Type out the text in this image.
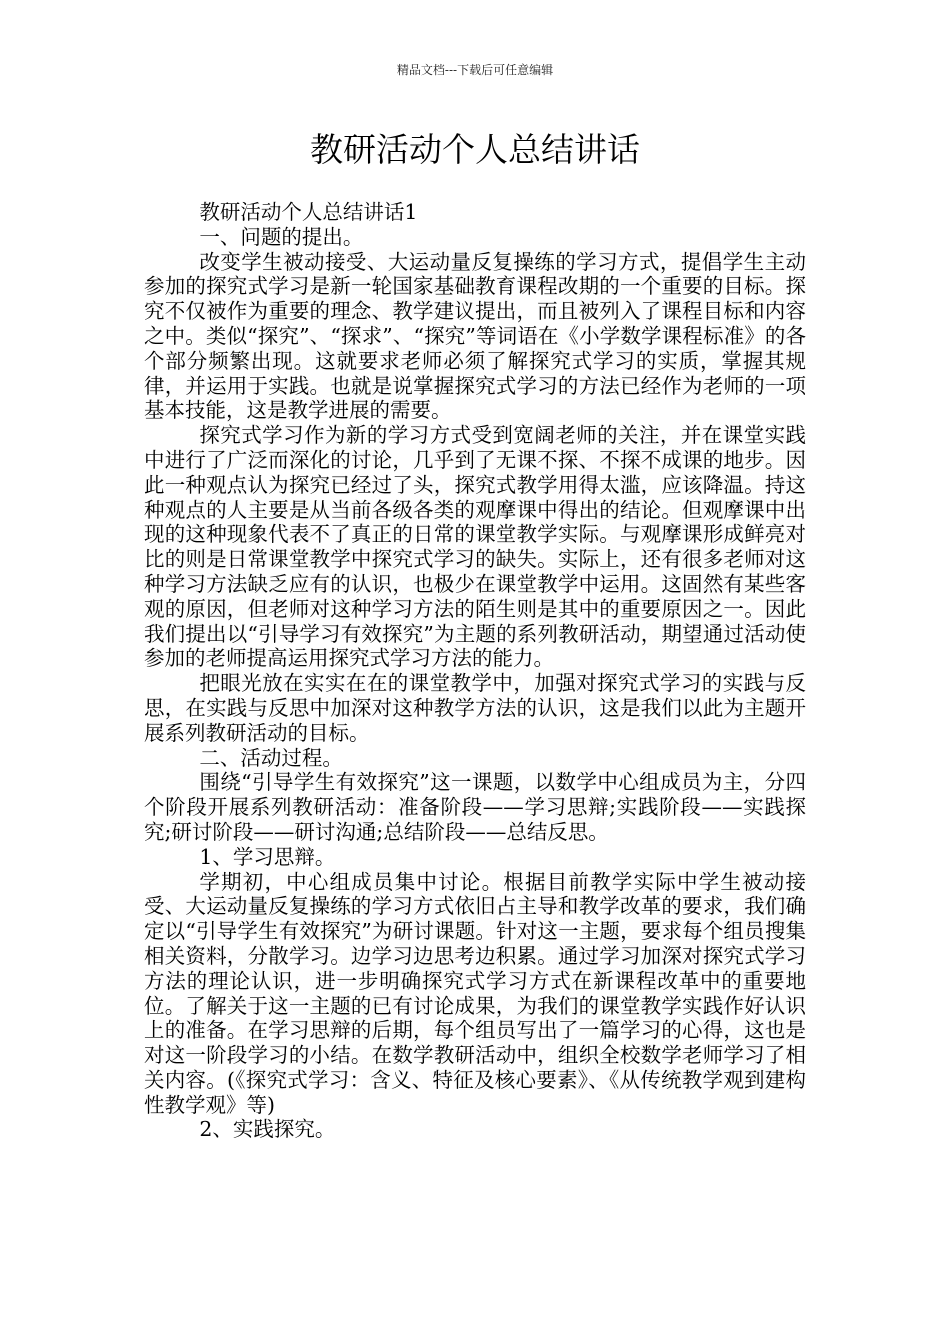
精品文档---下载后可任意编辑
教研活动个人总结讲话

教研活动个人总结讲话1

一、问题的提出。

改变学生被动接受、大运动量反复操练的学习方式，提倡学生主动参加的探究式学习是新一轮国家基础教育课程改期的一个重要的目标。探究不仅被作为重要的理念、教学建议提出，而且被列入了课程目标和内容之中。类似“探究”、“探求”、“探究”等词语在《小学数学课程标准》的各个部分频繁出现。这就要求老师必须了解探究式学习的实质，掌握其规律，并运用于实践。也就是说掌握探究式学习的方法已经作为老师的一项基本技能，这是教学进展的需要。

探究式学习作为新的学习方式受到宽阔老师的关注，并在课堂实践中进行了广泛而深化的讨论，几乎到了无课不探、不探不成课的地步。因此一种观点认为探究已经过了头，探究式教学用得太滥，应该降温。持这种观点的人主要是从当前各级各类的观摩课中得出的结论。但观摩课中出现的这种现象代表不了真正的日常的课堂教学实际。与观摩课形成鲜亮对比的则是日常课堂教学中探究式学习的缺失。实际上，还有很多老师对这种学习方法缺乏应有的认识，也极少在课堂教学中运用。这固然有某些客观的原因，但老师对这种学习方法的陌生则是其中的重要原因之一。因此我们提出以“引导学习有效探究”为主题的系列教研活动，期望通过活动使参加的老师提高运用探究式学习方法的能力。

把眼光放在实实在在的课堂教学中，加强对探究式学习的实践与反思，在实践与反思中加深对这种教学方法的认识，这是我们以此为主题开展系列教研活动的目标。

二、活动过程。

围绕“引导学生有效探究”这一课题，以数学中心组成员为主，分四个阶段开展系列教研活动：准备阶段——学习思辩;实践阶段——实践探究;研讨阶段——研讨沟通;总结阶段——总结反思。

1、学习思辩。

学期初，中心组成员集中讨论。根据目前教学实际中学生被动接受、大运动量反复操练的学习方式依旧占主导和教学改革的要求，我们确定以“引导学生有效探究”为研讨课题。针对这一主题，要求每个组员搜集相关资料，分散学习。边学习边思考边积累。通过学习加深对探究式学习方法的理论认识，进一步明确探究式学习方式在新课程改革中的重要地位。了解关于这一主题的已有讨论成果，为我们的课堂教学实践作好认识上的准备。在学习思辩的后期，每个组员写出了一篇学习的心得，这也是对这一阶段学习的小结。在数学教研活动中，组织全校数学老师学习了相关内容。(《探究式学习：含义、特征及核心要素》、《从传统教学观到建构性教学观》等)

2、实践探究。
